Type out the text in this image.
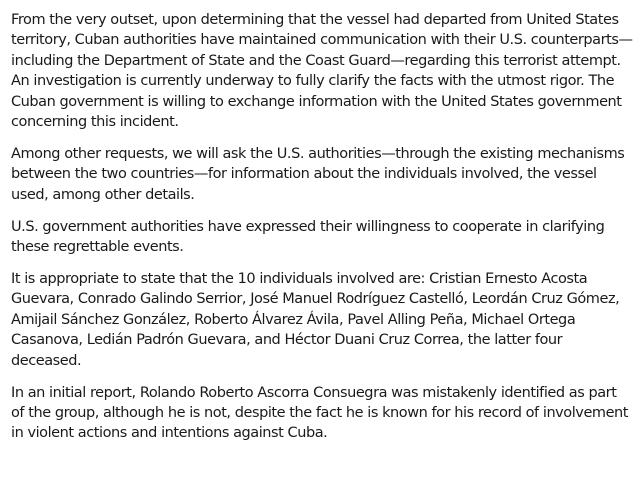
From the very outset, upon determining that the vessel had departed from United States territory, Cuban authorities have maintained communication with their U.S. counterparts—including the Department of State and the Coast Guard—regarding this terrorist attempt. An investigation is currently underway to fully clarify the facts with the utmost rigor. The Cuban government is willing to exchange information with the United States government concerning this incident.

Among other requests, we will ask the U.S. authorities—through the existing mechanisms between the two countries—for information about the individuals involved, the vessel used, among other details.

U.S. government authorities have expressed their willingness to cooperate in clarifying these regrettable events.

It is appropriate to state that the 10 individuals involved are: Cristian Ernesto Acosta Guevara, Conrado Galindo Serrior, José Manuel Rodríguez Castelló, Leordán Cruz Gómez, Amijail Sánchez González, Roberto Álvarez Ávila, Pavel Alling Peña, Michael Ortega Casanova, Ledián Padrón Guevara, and Héctor Duani Cruz Correa, the latter four deceased.

In an initial report, Rolando Roberto Ascorra Consuegra was mistakenly identified as part of the group, although he is not, despite the fact he is known for his record of involvement in violent actions and intentions against Cuba.
